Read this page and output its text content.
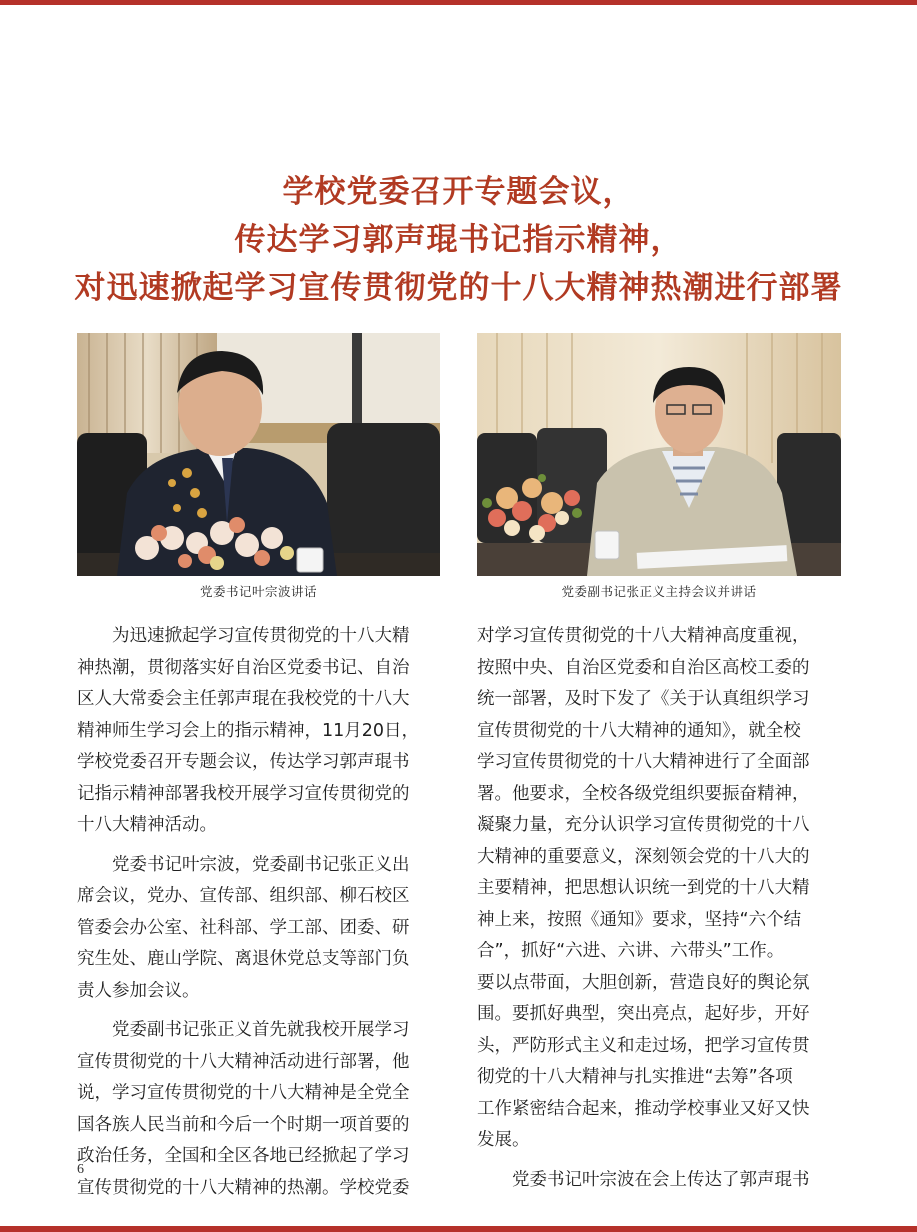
学校党委召开专题会议，
传达学习郭声琨书记指示精神，
对迅速掀起学习宣传贯彻党的十八大精神热潮进行部署
党委书记叶宗波讲话	党委副书记张正义主持会议并讲话
为迅速掀起学习宣传贯彻党的十八大精
神热潮，贯彻落实好自治区党委书记、自治
区人大常委会主任郭声琨在我校党的十八大
精神师生学习会上的指示精神，11月20日，
学校党委召开专题会议，传达学习郭声琨书
记指示精神部署我校开展学习宣传贯彻党的
十八大精神活动。
党委书记叶宗波，党委副书记张正义出
席会议，党办、宣传部、组织部、柳石校区
管委会办公室、社科部、学工部、团委、研
究生处、鹿山学院、离退休党总支等部门负
责人参加会议。
党委副书记张正义首先就我校开展学习
宣传贯彻党的十八大精神活动进行部署，他
说，学习宣传贯彻党的十八大精神是全党全
国各族人民当前和今后一个时期一项首要的
政治任务，全国和全区各地已经掀起了学习
宣传贯彻党的十八大精神的热潮。学校党委
对学习宣传贯彻党的十八大精神高度重视，
按照中央、自治区党委和自治区高校工委的
统一部署，及时下发了《关于认真组织学习
宣传贯彻党的十八大精神的通知》，就全校
学习宣传贯彻党的十八大精神进行了全面部
署。他要求，全校各级党组织要振奋精神，
凝聚力量，充分认识学习宣传贯彻党的十八
大精神的重要意义，深刻领会党的十八大的
主要精神，把思想认识统一到党的十八大精
神上来，按照《通知》要求，坚持“六个结
合”，抓好“六进、六讲、六带头”工作。
要以点带面，大胆创新，营造良好的舆论氛
围。要抓好典型，突出亮点，起好步，开好
头，严防形式主义和走过场，把学习宣传贯
彻党的十八大精神与扎实推进“去筹”各项
工作紧密结合起来，推动学校事业又好又快
发展。
党委书记叶宗波在会上传达了郭声琨书
6
